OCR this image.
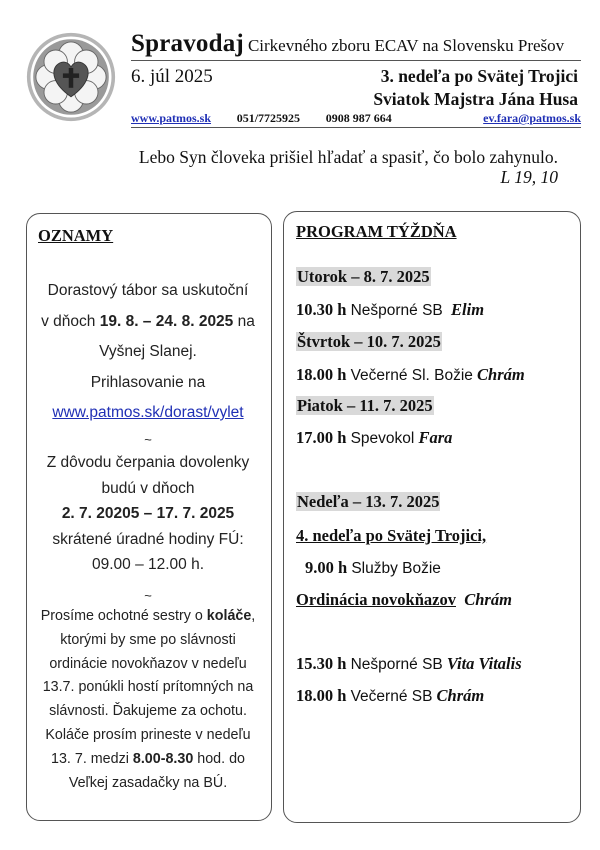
Spravodaj Cirkevného zboru ECAV na Slovensku Prešov
6. júl 2025	3. nedeľa po Svätej Trojici
Sviatok Majstra Jána Husa
www.patmos.sk 051/7725925 0908 987 664	ev.fara@patmos.sk
Lebo Syn človeka prišiel hľadať a spasiť, čo bolo zahynulo.
L 19, 10
OZNAMY

Dorastový tábor sa uskutoční

v dňoch 19. 8. – 24. 8. 2025 na

Vyšnej Slanej.

Prihlasovanie na

www.patmos.sk/dorast/vylet

~

Z dôvodu čerpania dovolenky

budú v dňoch

2. 7. 20205 – 17. 7. 2025

skrátené úradné hodiny FÚ:

09.00 – 12.00 h.

~

Prosíme ochotné sestry o koláče,

ktorými by sme po slávnosti

ordinácie novokňazov v nedeľu

13.7. ponúkli hostí prítomných na

slávnosti. Ďakujeme za ochotu.

Koláče prosím prineste v nedeľu

13. 7. medzi 8.00-8.30 hod. do

Veľkej zasadačky na BÚ.

PROGRAM TÝŽDŇA
Utorok – 8. 7. 2025
10.30 h Nešporné SB Elim
Štvrtok – 10. 7. 2025
18.00 h Večerné Sl. Božie Chrám
Piatok – 11. 7. 2025
17.00 h Spevokol Fara
Nedeľa – 13. 7. 2025
4. nedeľa po Svätej Trojici,
9.00 h Služby Božie
Ordinácia novokňazov Chrám
15.30 h Nešporné SB Vita Vitalis
18.00 h Večerné SB Chrám
